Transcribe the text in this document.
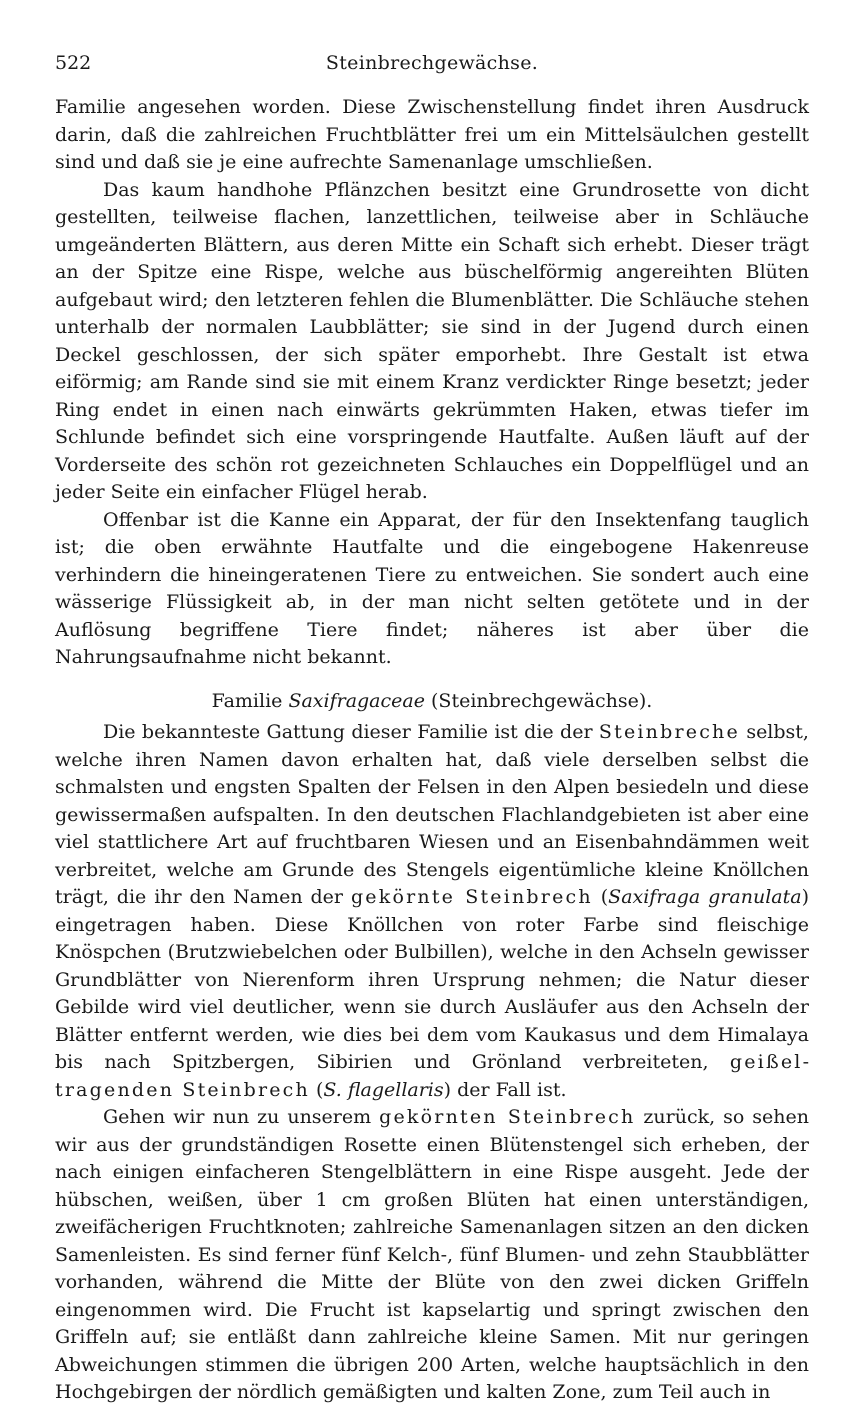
522	Steinbrechgewächse.

Familie angesehen worden. Diese Zwischenstellung findet ihren Ausdruck darin, daß die zahlreichen Fruchtblätter frei um ein Mittelsäulchen gestellt sind und daß sie je eine aufrechte Samenanlage umschließen.

Das kaum handhohe Pflänzchen besitzt eine Grundrosette von dicht gestellten, teilweise flachen, lanzettlichen, teilweise aber in Schläuche umgeänderten Blättern, aus deren Mitte ein Schaft sich erhebt. Dieser trägt an der Spitze eine Rispe, welche aus büschelförmig angereihten Blüten aufgebaut wird; den letzteren fehlen die Blumenblätter. Die Schläuche stehen unterhalb der normalen Laubblätter; sie sind in der Jugend durch einen Deckel geschlossen, der sich später emporhebt. Ihre Gestalt ist etwa eiförmig; am Rande sind sie mit einem Kranz verdickter Ringe besetzt; jeder Ring endet in einen nach einwärts gekrümmten Haken, etwas tiefer im Schlunde befindet sich eine vorspringende Hautfalte. Außen läuft auf der Vorderseite des schön rot gezeichneten Schlauches ein Doppelflügel und an jeder Seite ein einfacher Flügel herab.

Offenbar ist die Kanne ein Apparat, der für den Insektenfang tauglich ist; die oben erwähnte Hautfalte und die eingebogene Hakenreuse verhindern die hineingeratenen Tiere zu entweichen. Sie sondert auch eine wässerige Flüssigkeit ab, in der man nicht selten getötete und in der Auflösung begriffene Tiere findet; näheres ist aber über die Nahrungsaufnahme nicht bekannt.

Familie Saxifragaceae (Steinbrechgewächse).

Die bekannteste Gattung dieser Familie ist die der Steinbreche selbst, welche ihren Namen davon erhalten hat, daß viele derselben selbst die schmalsten und engsten Spalten der Felsen in den Alpen besiedeln und diese gewissermaßen aufspalten. In den deutschen Flachlandgebieten ist aber eine viel stattlichere Art auf fruchtbaren Wiesen und an Eisenbahndämmen weit verbreitet, welche am Grunde des Stengels eigentümliche kleine Knöllchen trägt, die ihr den Namen der gekörnte Steinbrech (Saxifraga granulata) eingetragen haben. Diese Knöllchen von roter Farbe sind fleischige Knöspchen (Brutzwiebelchen oder Bulbillen), welche in den Achseln gewisser Grundblätter von Nierenform ihren Ursprung nehmen; die Natur dieser Gebilde wird viel deutlicher, wenn sie durch Ausläufer aus den Achseln der Blätter entfernt werden, wie dies bei dem vom Kaukasus und dem Himalaya bis nach Spitzbergen, Sibirien und Grönland verbreiteten, geißeltragenden Steinbrech (S. flagellaris) der Fall ist.

Gehen wir nun zu unserem gekörnten Steinbrech zurück, so sehen wir aus der grundständigen Rosette einen Blütenstengel sich erheben, der nach einigen einfacheren Stengelblättern in eine Rispe ausgeht. Jede der hübschen, weißen, über 1 cm großen Blüten hat einen unterständigen, zweifächerigen Fruchtknoten; zahlreiche Samenanlagen sitzen an den dicken Samenleisten. Es sind ferner fünf Kelch-, fünf Blumen- und zehn Staubblätter vorhanden, während die Mitte der Blüte von den zwei dicken Griffeln eingenommen wird. Die Frucht ist kapselartig und springt zwischen den Griffeln auf; sie entläßt dann zahlreiche kleine Samen. Mit nur geringen Abweichungen stimmen die übrigen 200 Arten, welche hauptsächlich in den Hochgebirgen der nördlich gemäßigten und kalten Zone, zum Teil auch in
